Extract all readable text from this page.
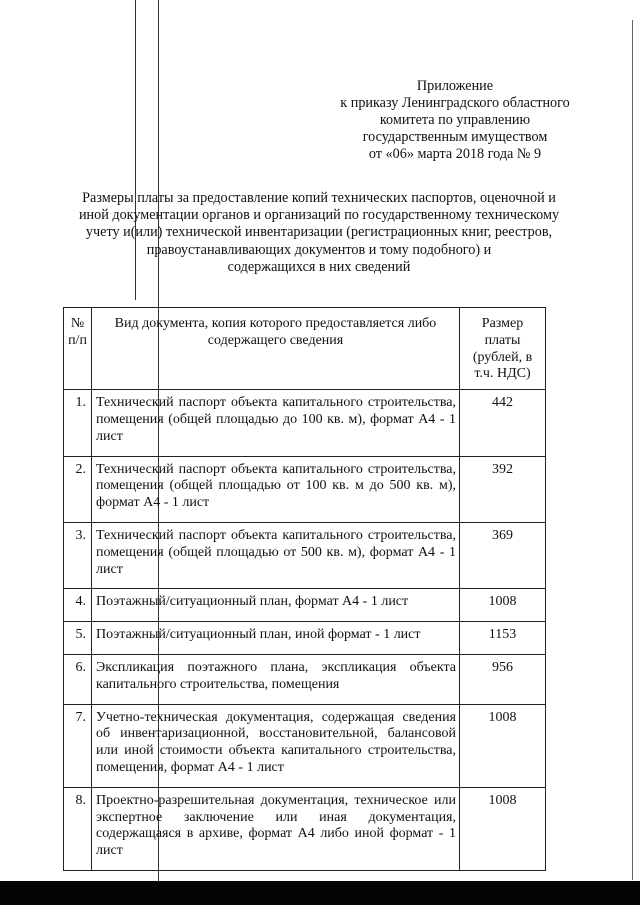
Приложение
к приказу Ленинградского областного
комитета по управлению
государственным имуществом
от «06» марта 2018 года № 9
Размеры платы за предоставление копий технических паспортов, оценочной и
иной документации органов и организаций по государственному техническому
учету и(или) технической инвентаризации (регистрационных книг, реестров,
правоустанавливающих документов и тому подобного) и
содержащихся в них сведений
№ п/п	Вид документа, копия которого предоставляется либо содержащего сведения	Размер платы (рублей, в т.ч. НДС)
1.	Технический паспорт объекта капитального строительства, помещения (общей площадью до 100 кв. м), формат А4 - 1 лист	442
2.	Технический паспорт объекта капитального строительства, помещения (общей площадью от 100 кв. м до 500 кв. м), формат А4 - 1 лист	392
3.	Технический паспорт объекта капитального строительства, помещения (общей площадью от 500 кв. м), формат А4 - 1 лист	369
4.	Поэтажный/ситуационный план, формат А4 - 1 лист	1008
5.	Поэтажный/ситуационный план, иной формат - 1 лист	1153
6.	Экспликация поэтажного плана, экспликация объекта капитального строительства, помещения	956
7.	Учетно-техническая документация, содержащая сведения об инвентаризационной, восстановительной, балансовой или иной стоимости объекта капитального строительства, помещения, формат А4 - 1 лист	1008
8.	Проектно-разрешительная документация, техническое или экспертное заключение или иная документация, содержащаяся в архиве, формат А4 либо иной формат - 1 лист	1008
